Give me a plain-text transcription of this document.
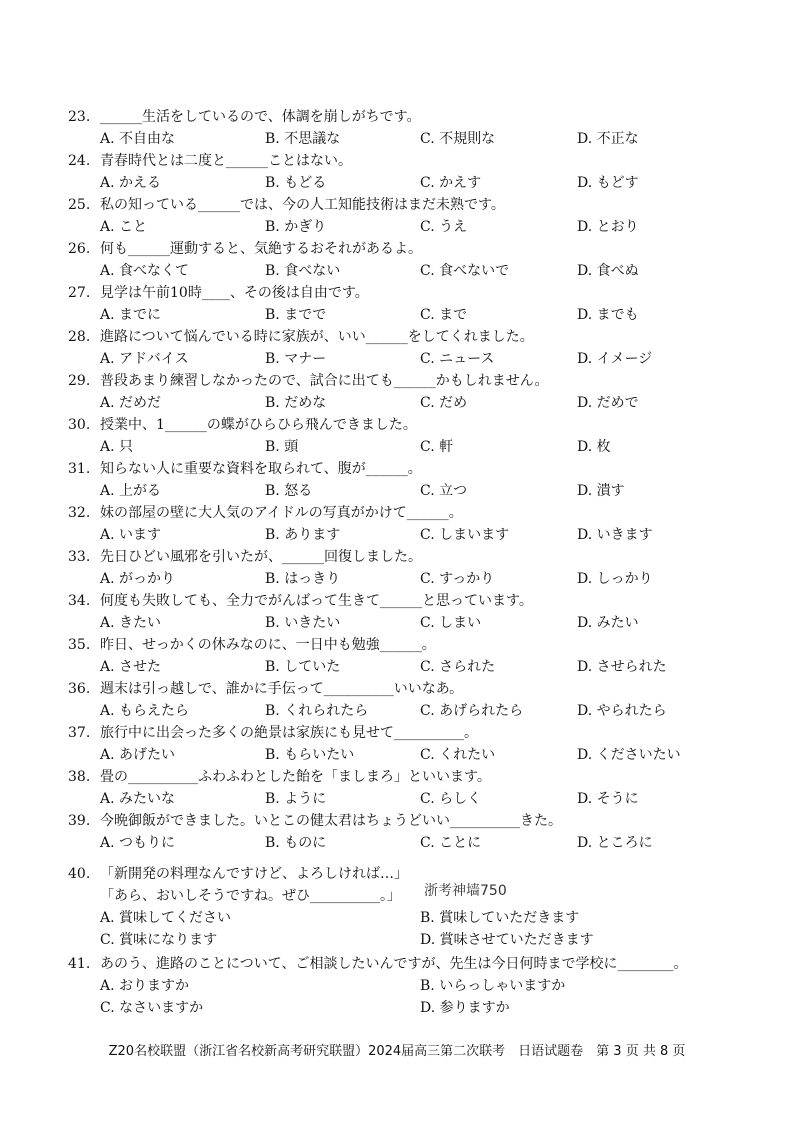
23. ______生活をしているので、体調を崩しがちです。
A. 不自由な	B. 不思議な	C. 不規則な	D. 不正な
24. 青春時代とは二度と______ことはない。
A. かえる	B. もどる	C. かえす	D. もどす
25. 私の知っている______では、今の人工知能技術はまだ未熟です。
A. こと	B. かぎり	C. うえ	D. とおり
26. 何も______運動すると、気絶するおそれがあるよ。
A. 食べなくて	B. 食べない	C. 食べないで	D. 食べぬ
27. 見学は午前10時____、その後は自由です。
A. までに	B. までで	C. まで	D. までも
28. 進路について悩んでいる時に家族が、いい______をしてくれました。
A. アドバイス	B. マナー	C. ニュース	D. イメージ
29. 普段あまり練習しなかったので、試合に出ても______かもしれません。
A. だめだ	B. だめな	C. だめ	D. だめで
30. 授業中、1______の蝶がひらひら飛んできました。
A. 只	B. 頭	C. 軒	D. 枚
31. 知らない人に重要な資料を取られて、腹が______。
A. 上がる	B. 怒る	C. 立つ	D. 潰す
32. 妹の部屋の壁に大人気のアイドルの写真がかけて______。
A. います	B. あります	C. しまいます	D. いきます
33. 先日ひどい風邪を引いたが、______回復しました。
A. がっかり	B. はっきり	C. すっかり	D. しっかり
34. 何度も失敗しても、全力でがんばって生きて______と思っています。
A. きたい	B. いきたい	C. しまい	D. みたい
35. 昨日、せっかくの休みなのに、一日中も勉強______。
A. させた	B. していた	C. さられた	D. させられた
36. 週末は引っ越しで、誰かに手伝って__________いいなあ。
A. もらえたら	B. くれられたら	C. あげられたら	D. やられたら
37. 旅行中に出会った多くの絶景は家族にも見せて__________。
A. あげたい	B. もらいたい	C. くれたい	D. くださいたい
38. 畳の__________ふわふわとした飴を「ましまろ」といいます。
A. みたいな	B. ように	C. らしく	D. そうに
39. 今晩御飯ができました。いとこの健太君はちょうどいい__________きた。
A. つもりに	B. ものに	C. ことに	D. ところに
40. 「新開発の料理なんですけど、よろしければ…」
「あら、おいしそうですね。ぜひ__________。」
A. 賞味してください	B. 賞味していただきます
C. 賞味になります	D. 賞味させていただきます
41. あのう、進路のことについて、ご相談したいんですが、先生は今日何時まで学校に________。
A. おりますか	B. いらっしゃいますか
C. なさいますか	D. 参りますか
浙考神墙750
Z20名校联盟（浙江省名校新高考研究联盟）2024届高三第二次联考　日语试题卷　第 3 页 共 8 页
